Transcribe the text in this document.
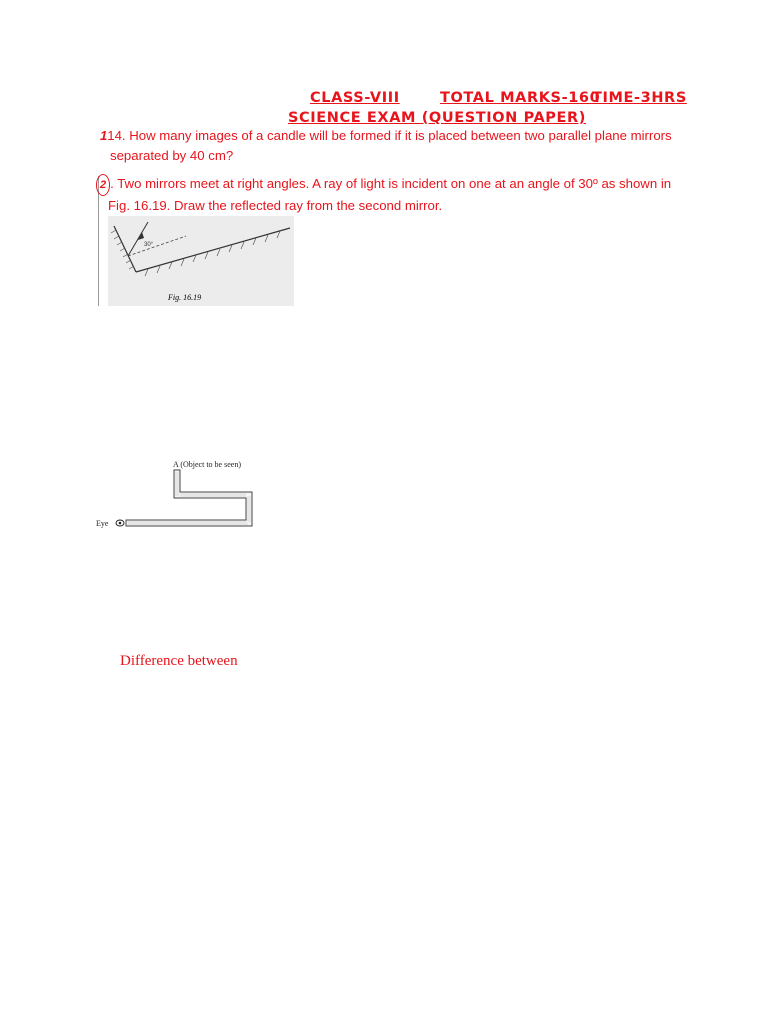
CLASS-VIII	TOTAL MARKS-160
TIME-3HRS
SCIENCE EXAM (QUESTION PAPER)
114. How many images of a candle will be formed if it is placed between two parallel plane mirrors
separated by 40 cm?
2 . Two mirrors meet at right angles. A ray of light is incident on one at an angle of 30º as shown in
Fig. 16.19. Draw the reflected ray from the second mirror.
30°
Fig. 16.19
A (Object to be seen)
Eye
Difference between
